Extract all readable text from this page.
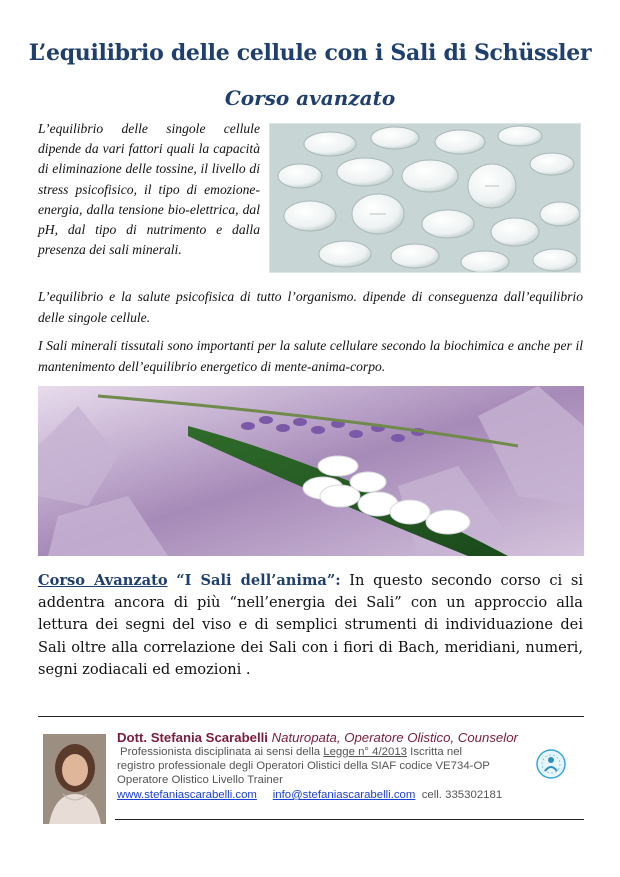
L’equilibrio delle cellule con i Sali di Schüssler
Corso avanzato

L’equilibrio delle singole cellule dipende da vari fattori quali la capacità di eliminazione delle tossine, il livello di stress psicofisico, il tipo di emozione-energia, dalla tensione bio-elettrica, dal pH, dal tipo di nutrimento e dalla presenza dei sali minerali.

L’equilibrio e la salute psicofisica di tutto l’organismo. dipende di conseguenza dall’equilibrio delle singole cellule.

I Sali minerali tissutali sono importanti per la salute cellulare secondo la biochimica e anche per il mantenimento dell’equilibrio energetico di mente-anima-corpo.

Corso Avanzato “I Sali dell’anima”: In questo secondo corso ci si addentra ancora di più “nell’energia dei Sali” con un approccio alla lettura dei segni del viso e di semplici strumenti di individuazione dei Sali oltre alla correlazione dei Sali con i fiori di Bach, meridiani, numeri, segni zodiacali ed emozioni .

Dott. Stefania Scarabelli Naturopata, Operatore Olistico, Counselor

Professionista disciplinata ai sensi della Legge n° 4/2013 Iscritta nel

registro professionale degli Operatori Olistici della SIAF codice VE734-OP

Operatore Olistico Livello Trainer

www.stefaniascarabelli.com info@stefaniascarabelli.com cell. 335302181
